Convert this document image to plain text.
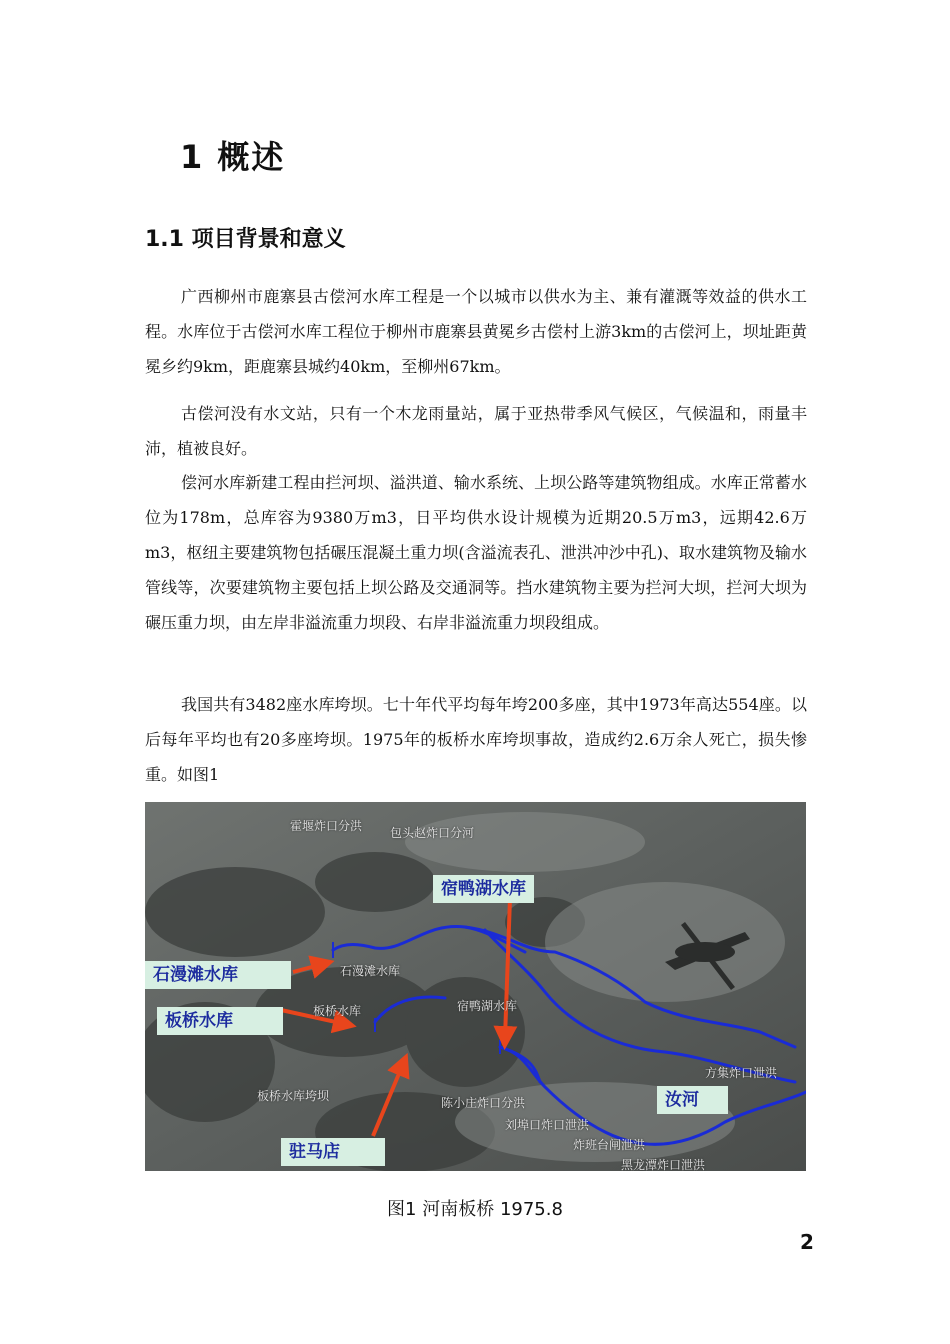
1 概述
1.1 项目背景和意义

广西柳州市鹿寨县古偿河水库工程是一个以城市以供水为主、兼有灌溉等效益的供水工程。水库位于古偿河水库工程位于柳州市鹿寨县黄冕乡古偿村上游3km的古偿河上，坝址距黄冕乡约9km，距鹿寨县城约40km，至柳州67km。

古偿河没有水文站，只有一个木龙雨量站，属于亚热带季风气候区，气候温和，雨量丰沛，植被良好。

偿河水库新建工程由拦河坝、溢洪道、输水系统、上坝公路等建筑物组成。水库正常蓄水位为178m，总库容为9380万m3，日平均供水设计规模为近期20.5万m3，远期42.6万m3，枢纽主要建筑物包括碾压混凝土重力坝(含溢流表孔、泄洪冲沙中孔)、取水建筑物及输水管线等，次要建筑物主要包括上坝公路及交通洞等。挡水建筑物主要为拦河大坝，拦河大坝为碾压重力坝，由左岸非溢流重力坝段、右岸非溢流重力坝段组成。

我国共有3482座水库垮坝。七十年代平均每年垮200多座，其中1973年高达554座。以后每年平均也有20多座垮坝。1975年的板桥水库垮坝事故，造成约2.6万余人死亡，损失惨重。如图1

霍堰炸口分洪 包头赵炸口分河
石漫滩水库
板桥水库	宿鸭湖水库
板桥水库垮坝	陈小庄炸口分洪
刘埠口炸口泄洪
炸班台闸泄洪
黑龙潭炸口泄洪
方集炸口泄洪
宿鸭湖水库
石漫滩水库
板桥水库
汝河
驻马店
图1 河南板桥 1975.8
2
